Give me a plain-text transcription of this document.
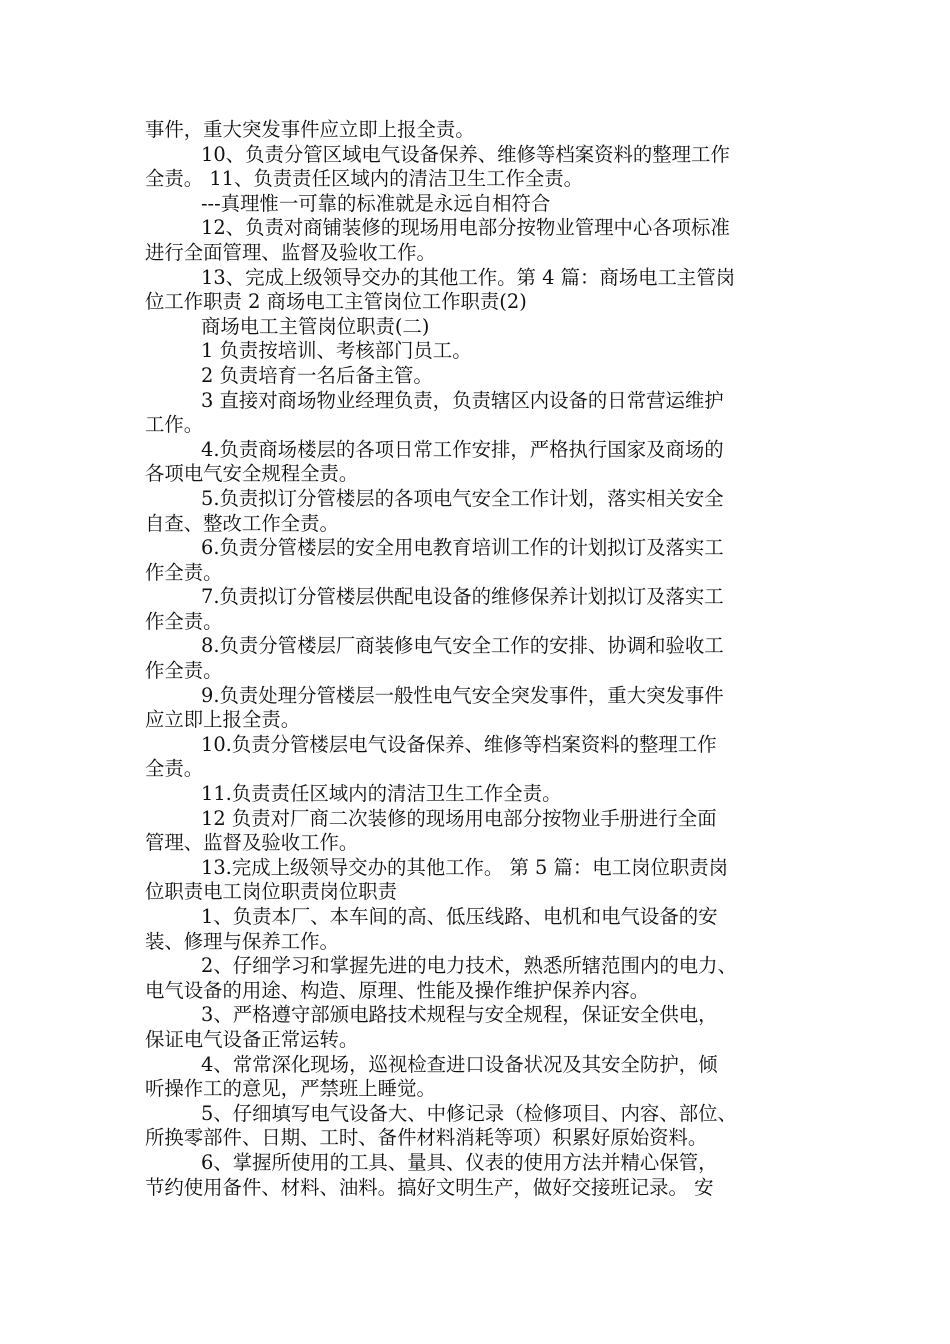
事件，重大突发事件应立即上报全责。
10、负责分管区域电气设备保养、维修等档案资料的整理工作
全责。 11、负责责任区域内的清洁卫生工作全责。
---真理惟一可靠的标准就是永远自相符合
12、负责对商铺装修的现场用电部分按物业管理中心各项标准
进行全面管理、监督及验收工作。
13、完成上级领导交办的其他工作。第 4 篇：商场电工主管岗
位工作职责 2 商场电工主管岗位工作职责(2)
商场电工主管岗位职责(二)
1 负责按培训、考核部门员工。
2 负责培育一名后备主管。
3 直接对商场物业经理负责，负责辖区内设备的日常营运维护
工作。
4.负责商场楼层的各项日常工作安排，严格执行国家及商场的
各项电气安全规程全责。
5.负责拟订分管楼层的各项电气安全工作计划，落实相关安全
自查、整改工作全责。
6.负责分管楼层的安全用电教育培训工作的计划拟订及落实工
作全责。
7.负责拟订分管楼层供配电设备的维修保养计划拟订及落实工
作全责。
8.负责分管楼层厂商装修电气安全工作的安排、协调和验收工
作全责。
9.负责处理分管楼层一般性电气安全突发事件，重大突发事件
应立即上报全责。
10.负责分管楼层电气设备保养、维修等档案资料的整理工作
全责。
11.负责责任区域内的清洁卫生工作全责。
12 负责对厂商二次装修的现场用电部分按物业手册进行全面
管理、监督及验收工作。
13.完成上级领导交办的其他工作。 第 5 篇：电工岗位职责岗
位职责电工岗位职责岗位职责
1、负责本厂、本车间的高、低压线路、电机和电气设备的安
装、修理与保养工作。
2、仔细学习和掌握先进的电力技术，熟悉所辖范围内的电力、
电气设备的用途、构造、原理、性能及操作维护保养内容。
3、严格遵守部颁电路技术规程与安全规程，保证安全供电，
保证电气设备正常运转。
4、常常深化现场，巡视检查进口设备状况及其安全防护，倾
听操作工的意见，严禁班上睡觉。
5、仔细填写电气设备大、中修记录（检修项目、内容、部位、
所换零部件、日期、工时、备件材料消耗等项）积累好原始资料。
6、掌握所使用的工具、量具、仪表的使用方法并精心保管，
节约使用备件、材料、油料。搞好文明生产，做好交接班记录。 安
